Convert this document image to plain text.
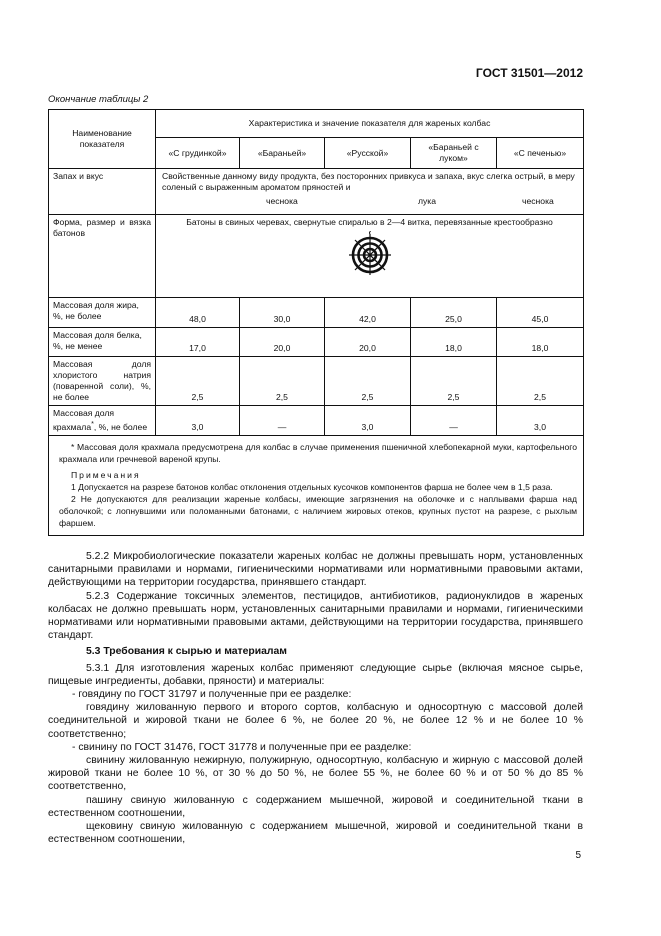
ГОСТ 31501—2012
Окончание таблицы 2
Наименование показателя	Характеристика и значение показателя для жареных колбас				
	«С грудинкой»	«Бараньей»	«Русской»	«Бараньей с луком»	«С печенью»
Запах и вкус	Свойственные данному виду продукта, без посторонних привкуса и запаха, вкус слегка острый, в меру соленый с выраженным ароматом пряностей и
чеснока лука чеснока				

Форма, размер и вязка батонов	Батоны в свиных черевах, свернутые спиралью в 2—4 витка, перевязанные крестообразно				

Массовая доля жира, %, не более	48,0	30,0	42,0	25,0	45,0
Массовая доля белка, %, не менее	17,0	20,0	20,0	18,0	18,0
Массовая доля хлористого натрия (поваренной соли), %, не более	2,5	2,5	2,5	2,5	2,5
Массовая доля крахмала*, %, не более	3,0	—	3,0	—	3,0

* Массовая доля крахмала предусмотрена для колбас в случае применения пшеничной хлебопекарной муки, картофельного крахмала или гречневой вареной крупы.

Примечания

1 Допускается на разрезе батонов колбас отклонения отдельных кусочков компонентов фарша не более чем в 1,5 раза.

2 Не допускаются для реализации жареные колбасы, имеющие загрязнения на оболочке и с наплывами фарша над оболочкой; с лопнувшими или поломанными батонами, с наличием жировых отеков, крупных пустот на разрезе, с рыхлым фаршем.					

5.2.2 Микробиологические показатели жареных колбас не должны превышать норм, установленных санитарными правилами и нормами, гигиеническими нормативами или нормативными правовыми актами, действующими на территории государства, принявшего стандарт.

5.2.3 Содержание токсичных элементов, пестицидов, антибиотиков, радионуклидов в жареных колбасах не должно превышать норм, установленных санитарными правилами и нормами, гигиеническими нормативами или нормативными правовыми актами, действующими на территории государства, принявшего стандарт.

5.3 Требования к сырью и материалам

5.3.1 Для изготовления жареных колбас применяют следующие сырье (включая мясное сырье, пищевые ингредиенты, добавки, пряности) и материалы:

- говядину по ГОСТ 31797 и полученные при ее разделке:

говядину жилованную первого и второго сортов, колбасную и односортную с массовой долей соединительной и жировой ткани не более 6 %, не более 20 %, не более 12 % и не более 10 % соответственно;

- свинину по ГОСТ 31476, ГОСТ 31778 и полученные при ее разделке:

свинину жилованную нежирную, полужирную, односортную, колбасную и жирную с массовой долей жировой ткани не более 10 %, от 30 % до 50 %, не более 55 %, не более 60 % и от 50 % до 85 % соответственно,

пашину свиную жилованную с содержанием мышечной, жировой и соединительной ткани в естественном соотношении,

щековину свиную жилованную с содержанием мышечной, жировой и соединительной ткани в естественном соотношении,

5
